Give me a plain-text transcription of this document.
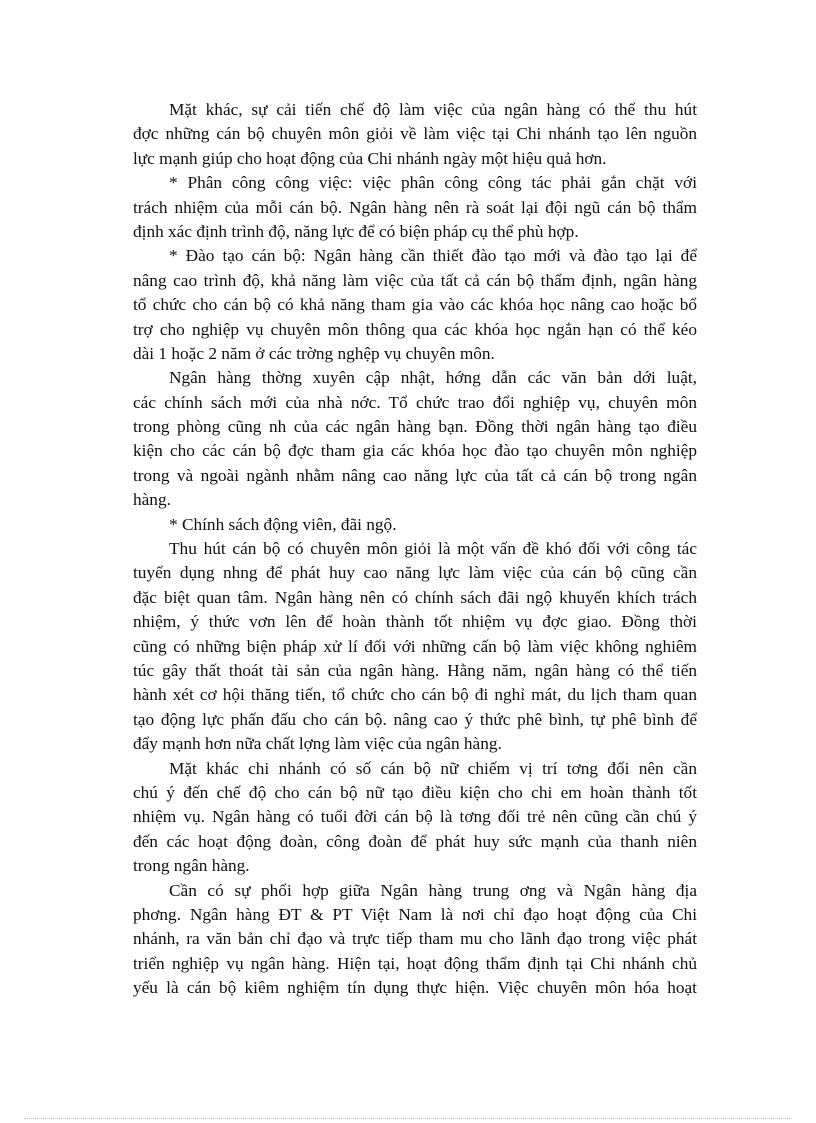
Mặt khác, sự cải tiến chế độ làm việc của ngân hàng có thể thu hút
đợc những cán bộ chuyên môn giỏi về làm việc tại Chi nhánh tạo lên nguồn
lực mạnh giúp cho hoạt động của Chi nhánh ngày một hiệu quả hơn.
* Phân công công việc: việc phân công công tác phải gắn chặt với
trách nhiệm của mỗi cán bộ. Ngân hàng nên rà soát lại đội ngũ cán bộ thẩm
định xác định trình độ, năng lực để có biện pháp cụ thể phù hợp.
* Đào tạo cán bộ: Ngân hàng cần thiết đào tạo mới và đào tạo lại để
nâng cao trình độ, khả năng làm việc của tất cả cán bộ thẩm định, ngân hàng
tổ chức cho cán bộ có khả năng tham gia vào các khóa học nâng cao hoặc bổ
trợ cho nghiệp vụ chuyên môn thông qua các khóa học ngắn hạn có thể kéo
dài 1 hoặc 2 năm ở các trờng nghệp vụ chuyên môn.
Ngân hàng thờng xuyên cập nhật, hớng dẫn các văn bản dới luật,
các chính sách mới của nhà nớc. Tổ chức trao đổi nghiệp vụ, chuyên môn
trong phòng cũng nh của các ngân hàng bạn. Đồng thời ngân hàng tạo điều
kiện cho các cán bộ đợc tham gia các khóa học đào tạo chuyên môn nghiệp
trong và ngoài ngành nhằm nâng cao năng lực của tất cả cán bộ trong ngân
hàng.
* Chính sách động viên, đãi ngộ.
Thu hút cán bộ có chuyên môn giỏi là một vấn đề khó đối với công tác
tuyển dụng nhng để phát huy cao năng lực làm việc của cán bộ cũng cần
đặc biệt quan tâm. Ngân hàng nên có chính sách đãi ngộ khuyến khích trách
nhiệm, ý thức vơn lên để hoàn thành tốt nhiệm vụ đợc giao. Đồng thời
cũng có những biện pháp xử lí đối với những cấn bộ làm việc không nghiêm
túc gây thất thoát tài sản của ngân hàng. Hằng năm, ngân hàng có thể tiến
hành xét cơ hội thăng tiến, tổ chức cho cán bộ đi nghỉ mát, du lịch tham quan
tạo động lực phấn đấu cho cán bộ. nâng cao ý thức phê bình, tự phê bình để
đẩy mạnh hơn nữa chất lợng làm việc của ngân hàng.
Mặt khác chi nhánh có số cán bộ nữ chiếm vị trí tơng đối nên cần
chú ý đến chế độ cho cán bộ nữ tạo điều kiện cho chi em hoàn thành tốt
nhiệm vụ. Ngân hàng có tuổi đời cán bộ là tơng đối trẻ nên cũng cần chú ý
đến các hoạt động đoàn, công đoàn để phát huy sức mạnh của thanh niên
trong ngân hàng.
Cần có sự phối hợp giữa Ngân hàng trung ơng và Ngân hàng địa
phơng. Ngân hàng ĐT & PT Việt Nam là nơi chỉ đạo hoạt động của Chi
nhánh, ra văn bản chỉ đạo và trực tiếp tham mu cho lãnh đạo trong việc phát
triển nghiệp vụ ngân hàng. Hiện tại, hoạt động thẩm định tại Chi nhánh chủ
yếu là cán bộ kiêm nghiệm tín dụng thực hiện. Việc chuyên môn hóa hoạt
